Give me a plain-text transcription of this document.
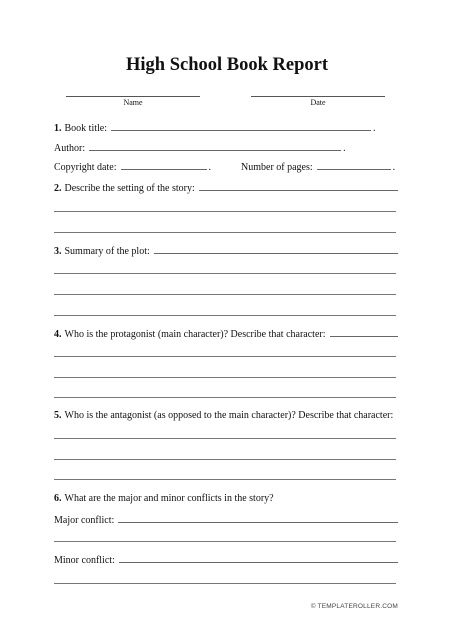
High School Book Report
Name	Date
1. Book title:	.
Author:	.
Copyright date:	.	Number of pages:	.
2. Describe the setting of the story:
3. Summary of the plot:
4. Who is the protagonist (main character)? Describe that character:
5. Who is the antagonist (as opposed to the main character)? Describe that character:
6. What are the major and minor conflicts in the story?
Major conflict:
Minor conflict:
© TEMPLATEROLLER.COM
